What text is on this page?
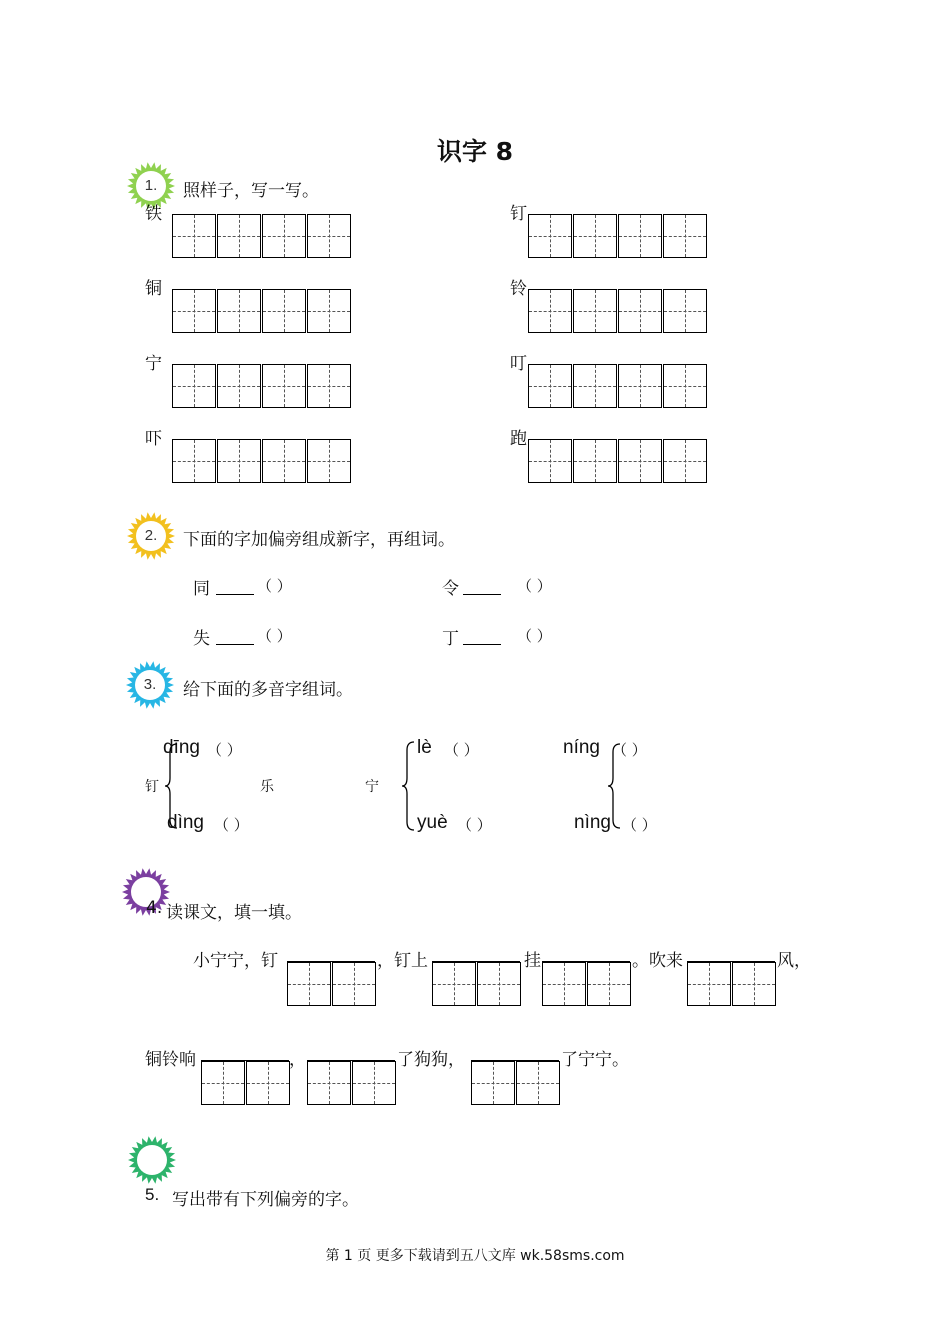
识字 8
1.	照样子，写一写。
铁
铜
宁
吓
钉
铃
叮
跑
2.	下面的字加偏旁组成新字，再组词。
同	（ ）	令	（ ）
失	（ ）	丁	（ ）
3.	给下面的多音字组词。
dīng （ ）
钉
dìng （ ）
乐	宁
lè （ ）
yuè （ ）
níng （ ）
nìng （ ）
4. 读课文，填一填。
小宁宁，钉	，钉上	挂	。吹来	风，
铜铃响	，	了狗狗，	了宁宁。
5. 写出带有下列偏旁的字。
第 1 页 更多下载请到五八文库 wk.58sms.com
